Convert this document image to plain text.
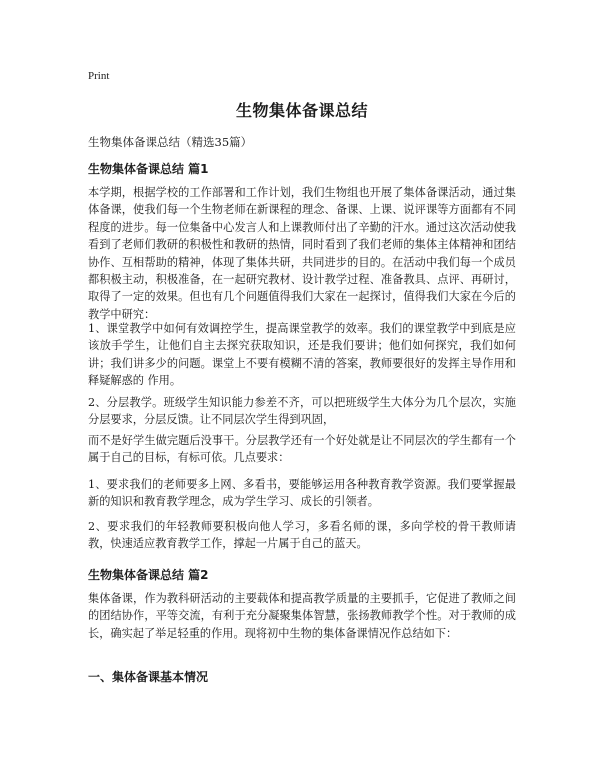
Print
生物集体备课总结
生物集体备课总结（精选35篇）
生物集体备课总结 篇1

本学期，根据学校的工作部署和工作计划，我们生物组也开展了集体备课活动，通过集体备课，使我们每一个生物老师在新课程的理念、备课、上课、说评课等方面都有不同程度的进步。每一位集备中心发言人和上课教师付出了辛勤的汗水。通过这次活动使我看到了老师们教研的积极性和教研的热情，同时看到了我们老师的集体主体精神和团结协作、互相帮助的精神，体现了集体共研，共同进步的目的。在活动中我们每一个成员都积极主动，积极准备，在一起研究教材、设计教学过程、准备教具、点评、再研讨，取得了一定的效果。但也有几个问题值得我们大家在一起探讨，值得我们大家在今后的教学中研究：

1、课堂教学中如何有效调控学生，提高课堂教学的效率。我们的课堂教学中到底是应该放手学生，让他们自主去探究获取知识，还是我们要讲；他们如何探究，我们如何讲；我们讲多少的问题。课堂上不要有模糊不清的答案，教师要很好的发挥主导作用和释疑解惑的 作用。

2、分层教学。班级学生知识能力参差不齐，可以把班级学生大体分为几个层次，实施分层要求，分层反馈。让不同层次学生得到巩固，

而不是好学生做完题后没事干。分层教学还有一个好处就是让不同层次的学生都有一个属于自己的目标，有标可依。几点要求：

1、要求我们的老师要多上网、多看书，要能够运用各种教育教学资源。我们要掌握最新的知识和教育教学理念，成为学生学习、成长的引领者。

2、要求我们的年轻教师要积极向他人学习，多看名师的课，多向学校的骨干教师请教，快速适应教育教学工作，撑起一片属于自己的蓝天。

生物集体备课总结 篇2

集体备课，作为教科研活动的主要载体和提高教学质量的主要抓手，它促进了教师之间的团结协作，平等交流，有利于充分凝聚集体智慧，张扬教师教学个性。对于教师的成长，确实起了举足轻重的作用。现将初中生物的集体备课情况作总结如下：

一、集体备课基本情况
